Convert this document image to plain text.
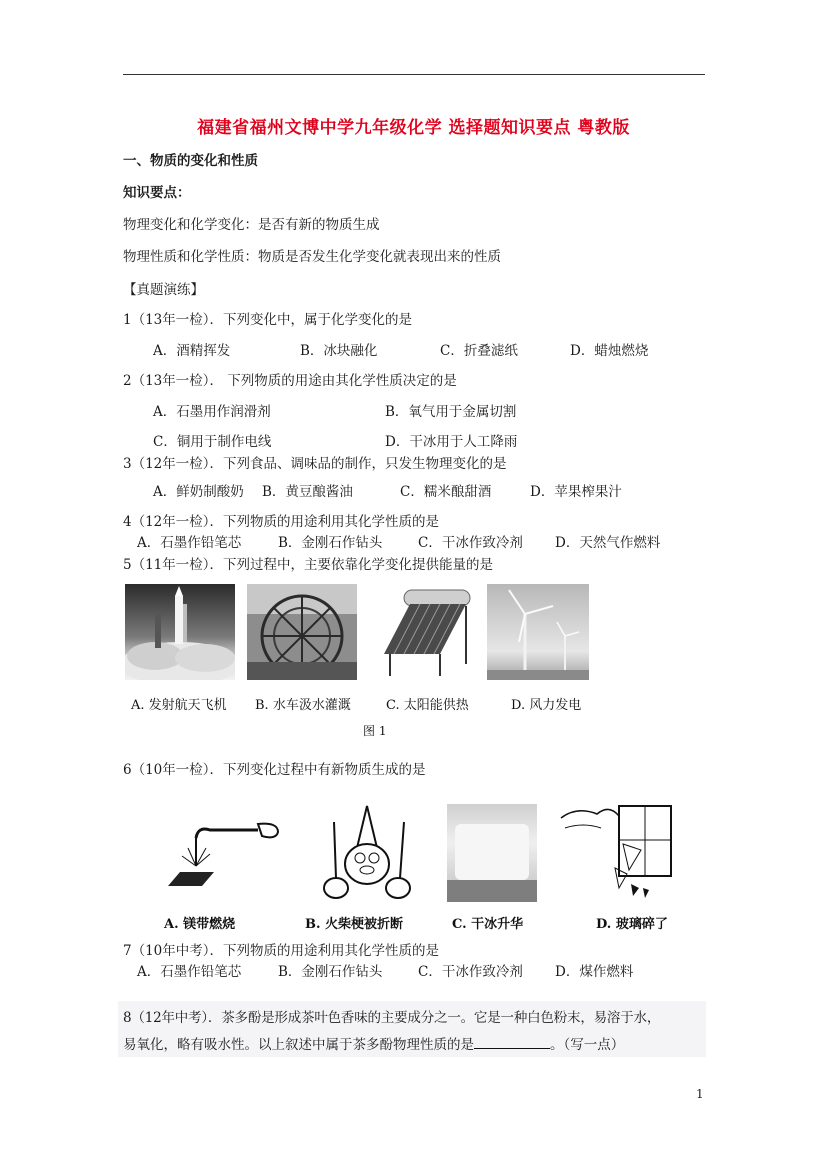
福建省福州文博中学九年级化学 选择题知识要点 粤教版
一、物质的变化和性质
知识要点：
物理变化和化学变化：是否有新的物质生成
物理性质和化学性质：物质是否发生化学变化就表现出来的性质
【真题演练】
1（13年一检）．下列变化中，属于化学变化的是
A．酒精挥发	B．冰块融化	C．折叠滤纸	D．蜡烛燃烧
2（13年一检）． 下列物质的用途由其化学性质决定的是
A．石墨用作润滑剂	B．氧气用于金属切割
C．铜用于制作电线	D．干冰用于人工降雨
3（12年一检）．下列食品、调味品的制作，只发生物理变化的是
A．鲜奶制酸奶 B．黄豆酿酱油	C．糯米酿甜酒	D．苹果榨果汁
4（12年一检）．下列物质的用途利用其化学性质的是
A．石墨作铅笔芯	B．金刚石作钻头	C．干冰作致冷剂 D．天然气作燃料
5（11年一检）．下列过程中，主要依靠化学变化提供能量的是
A. 发射航天飞机 B. 水车汲水灌溉	C. 太阳能供热	D. 风力发电
图 1
6（10年一检）．下列变化过程中有新物质生成的是
A. 镁带燃烧	B. 火柴梗被折断	C. 干冰升华	D. 玻璃碎了
7（10年中考）．下列物质的用途利用其化学性质的是
A．石墨作铅笔芯	B．金刚石作钻头	C．干冰作致冷剂 D．煤作燃料
8（12年中考）．茶多酚是形成茶叶色香味的主要成分之一。它是一种白色粉末，易溶于水，
易氧化，略有吸水性。以上叙述中属于茶多酚物理性质的是	。（写一点）
1
